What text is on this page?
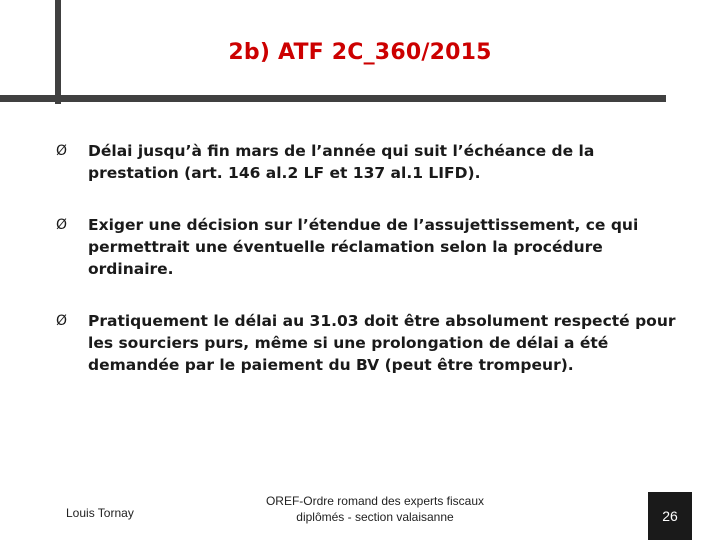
2b) ATF 2C_360/2015
Ø	Délai jusqu’à fin mars de l’année qui suit l’échéance de la prestation (art. 146 al.2 LF et 137 al.1 LIFD).
Ø	Exiger une décision sur l’étendue de l’assujettissement, ce qui permettrait une éventuelle réclamation selon la procédure ordinaire.
Ø	Pratiquement le délai au 31.03 doit être absolument respecté pour les sourciers purs, même si une prolongation de délai a été demandée par le paiement du BV (peut être trompeur).
Louis Tornay
OREF-Ordre romand des experts fiscaux
diplômés - section valaisanne	26
